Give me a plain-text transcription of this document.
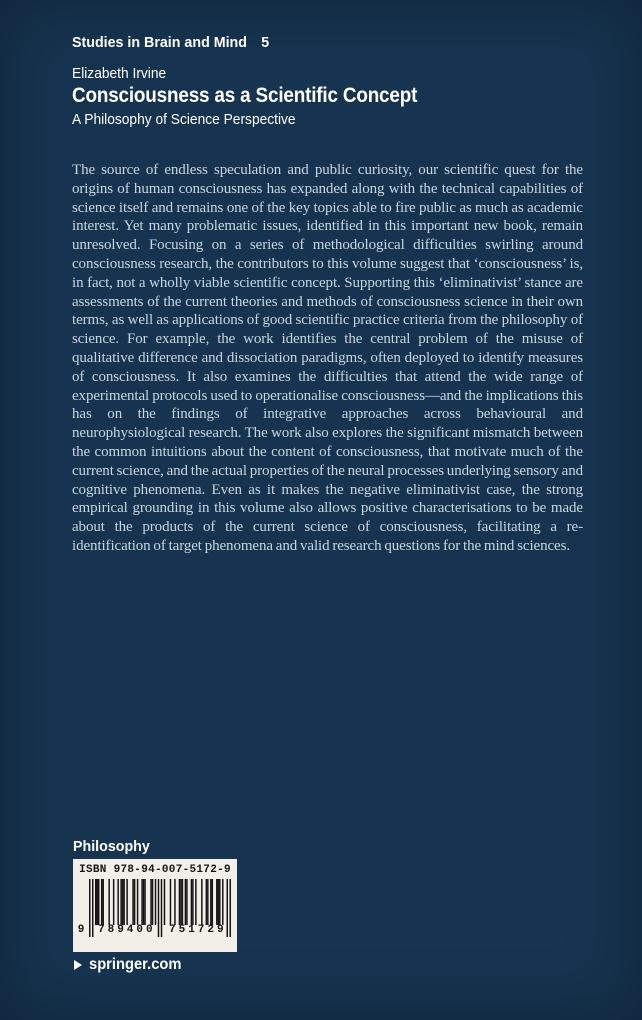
Studies in Brain and Mind 5
Elizabeth Irvine
Consciousness as a Scientific Concept
A Philosophy of Science Perspective
The source of endless speculation and public curiosity, our scientific quest for the origins of human consciousness has expanded along with the technical capabilities of science itself and remains one of the key topics able to fire public as much as academic interest. Yet many problematic issues, identified in this important new book, remain unresolved. Focusing on a series of methodological difficulties swirling around consciousness research, the contributors to this volume suggest that ‘consciousness’ is, in fact, not a wholly viable scientific concept. Supporting this ‘eliminativist’ stance are assessments of the current theories and methods of consciousness science in their own terms, as well as applications of good scientific practice criteria from the philosophy of science. For example, the work identifies the central problem of the misuse of qualitative difference and dissociation paradigms, often deployed to identify measures of consciousness. It also examines the difficulties that attend the wide range of experimental protocols used to operationalise consciousness—and the implications this has on the findings of integrative approaches across behavioural and neurophysiological research. The work also explores the significant mismatch between the common intuitions about the content of consciousness, that motivate much of the current science, and the actual properties of the neural processes underlying sensory and cognitive phenomena. Even as it makes the negative eliminativist case, the strong empirical grounding in this volume also allows positive characterisations to be made about the products of the current science of consciousness, facilitating a re-identification of target phenomena and valid research questions for the mind sciences.
Philosophy
ISBN 978-94-007-5172-9
9 789400 751729
springer.com
